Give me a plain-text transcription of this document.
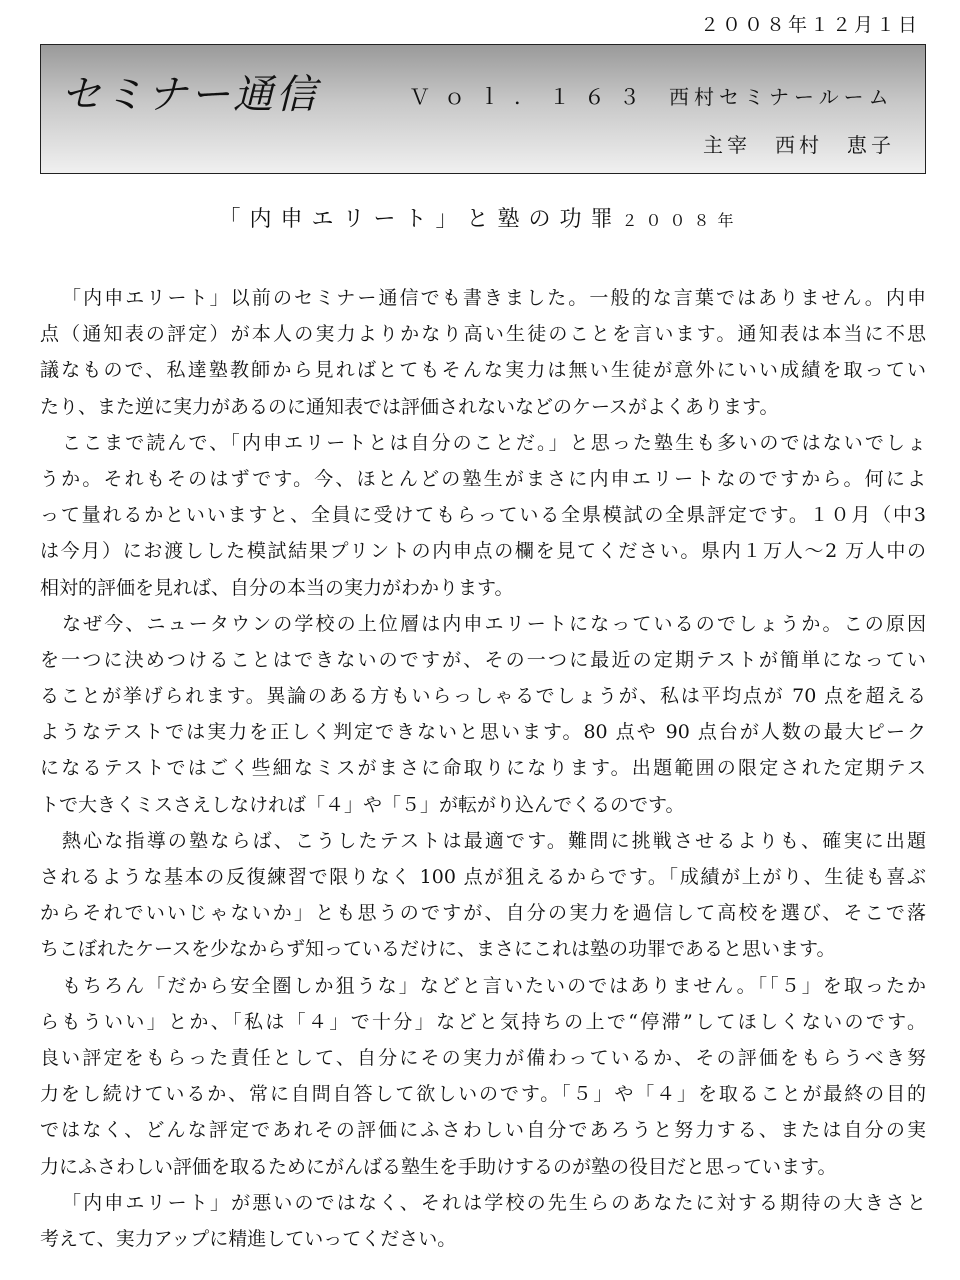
２００８年１２月１日
セミナー通信	Ｖｏｌ．１６３ 西村セミナールーム
主宰　西村　恵子
「内申エリート」と塾の功罪２００８年
「内申エリート」以前のセミナー通信でも書きました。一般的な言葉ではありません。内申
点（通知表の評定）が本人の実力よりかなり高い生徒のことを言います。通知表は本当に不思
議なもので、私達塾教師から見ればとてもそんな実力は無い生徒が意外にいい成績を取ってい
たり、また逆に実力があるのに通知表では評価されないなどのケースがよくあります。
ここまで読んで、「内申エリートとは自分のことだ。」と思った塾生も多いのではないでしょ
うか。それもそのはずです。今、ほとんどの塾生がまさに内申エリートなのですから。何によ
って量れるかといいますと、全員に受けてもらっている全県模試の全県評定です。１０月（中3
は今月）にお渡しした模試結果プリントの内申点の欄を見てください。県内１万人～2 万人中の
相対的評価を見れば、自分の本当の実力がわかります。
なぜ今、ニュータウンの学校の上位層は内申エリートになっているのでしょうか。この原因
を一つに決めつけることはできないのですが、その一つに最近の定期テストが簡単になってい
ることが挙げられます。異論のある方もいらっしゃるでしょうが、私は平均点が 70 点を超える
ようなテストでは実力を正しく判定できないと思います。80 点や 90 点台が人数の最大ピーク
になるテストではごく些細なミスがまさに命取りになります。出題範囲の限定された定期テス
トで大きくミスさえしなければ「４」や「５」が転がり込んでくるのです。
熱心な指導の塾ならば、こうしたテストは最適です。難問に挑戦させるよりも、確実に出題
されるような基本の反復練習で限りなく 100 点が狙えるからです。「成績が上がり、生徒も喜ぶ
からそれでいいじゃないか」とも思うのですが、自分の実力を過信して高校を選び、そこで落
ちこぼれたケースを少なからず知っているだけに、まさにこれは塾の功罪であると思います。
もちろん「だから安全圏しか狙うな」などと言いたいのではありません。「「５」を取ったか
らもういい」とか、「私は「４」で十分」などと気持ちの上で“停滞”してほしくないのです。
良い評定をもらった責任として、自分にその実力が備わっているか、その評価をもらうべき努
力をし続けているか、常に自問自答して欲しいのです。「５」や「４」を取ることが最終の目的
ではなく、どんな評定であれその評価にふさわしい自分であろうと努力する、または自分の実
力にふさわしい評価を取るためにがんばる塾生を手助けするのが塾の役目だと思っています。
「内申エリート」が悪いのではなく、それは学校の先生らのあなたに対する期待の大きさと
考えて、実力アップに精進していってください。
